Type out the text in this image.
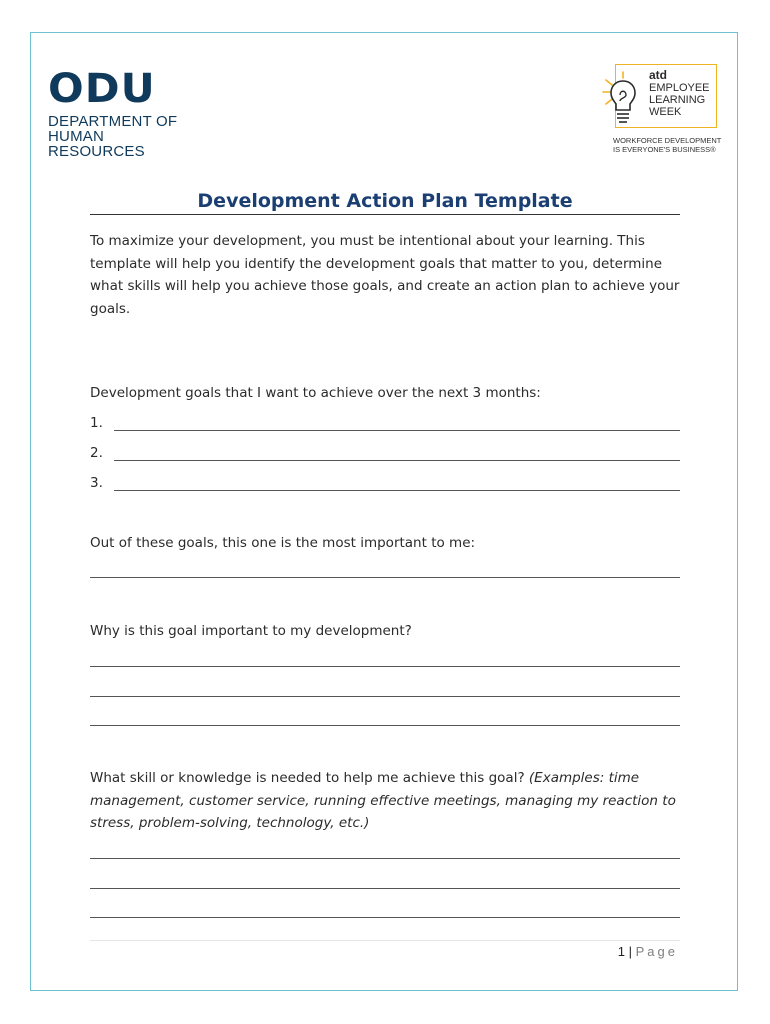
ODU
DEPARTMENT OF
HUMAN RESOURCES
atd
EMPLOYEE
LEARNING
WEEK
WORKFORCE DEVELOPMENT
IS EVERYONE'S BUSINESS®
Development Action Plan Template
To maximize your development, you must be intentional about your learning. This template will help you identify the development goals that matter to you, determine what skills will help you achieve those goals, and create an action plan to achieve your goals.
Development goals that I want to achieve over the next 3 months:
1.
2.
3.
Out of these goals, this one is the most important to me:
Why is this goal important to my development?
What skill or knowledge is needed to help me achieve this goal? (Examples: time management, customer service, running effective meetings, managing my reaction to stress, problem-solving, technology, etc.)
1 | Page
